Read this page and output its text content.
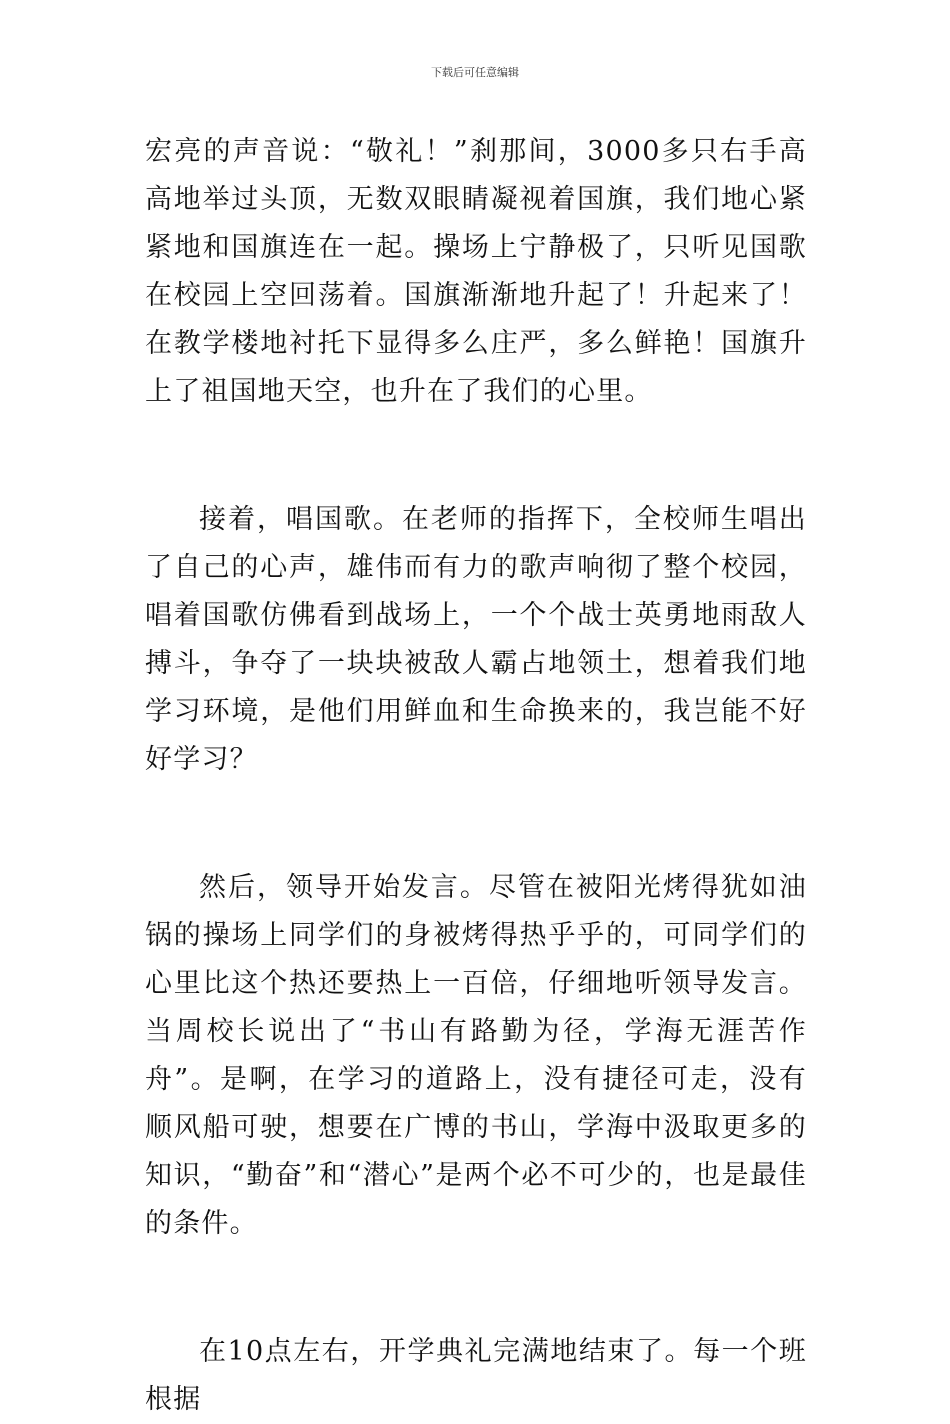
下载后可任意编辑

宏亮的声音说：“敬礼！”刹那间，3000多只右手高高地举过头顶，无数双眼睛凝视着国旗，我们地心紧紧地和国旗连在一起。操场上宁静极了，只听见国歌在校园上空回荡着。国旗渐渐地升起了！升起来了！在教学楼地衬托下显得多么庄严，多么鲜艳！国旗升上了祖国地天空，也升在了我们的心里。

接着，唱国歌。在老师的指挥下，全校师生唱出了自己的心声，雄伟而有力的歌声响彻了整个校园，唱着国歌仿佛看到战场上，一个个战士英勇地雨敌人搏斗，争夺了一块块被敌人霸占地领土，想着我们地学习环境，是他们用鲜血和生命换来的，我岂能不好好学习？

然后，领导开始发言。尽管在被阳光烤得犹如油锅的操场上同学们的身被烤得热乎乎的，可同学们的心里比这个热还要热上一百倍，仔细地听领导发言。当周校长说出了“书山有路勤为径，学海无涯苦作舟”。是啊，在学习的道路上，没有捷径可走，没有顺风船可驶，想要在广博的书山，学海中汲取更多的知识，“勤奋”和“潜心”是两个必不可少的，也是最佳的条件。

在10点左右，开学典礼完满地结束了。每一个班根据
